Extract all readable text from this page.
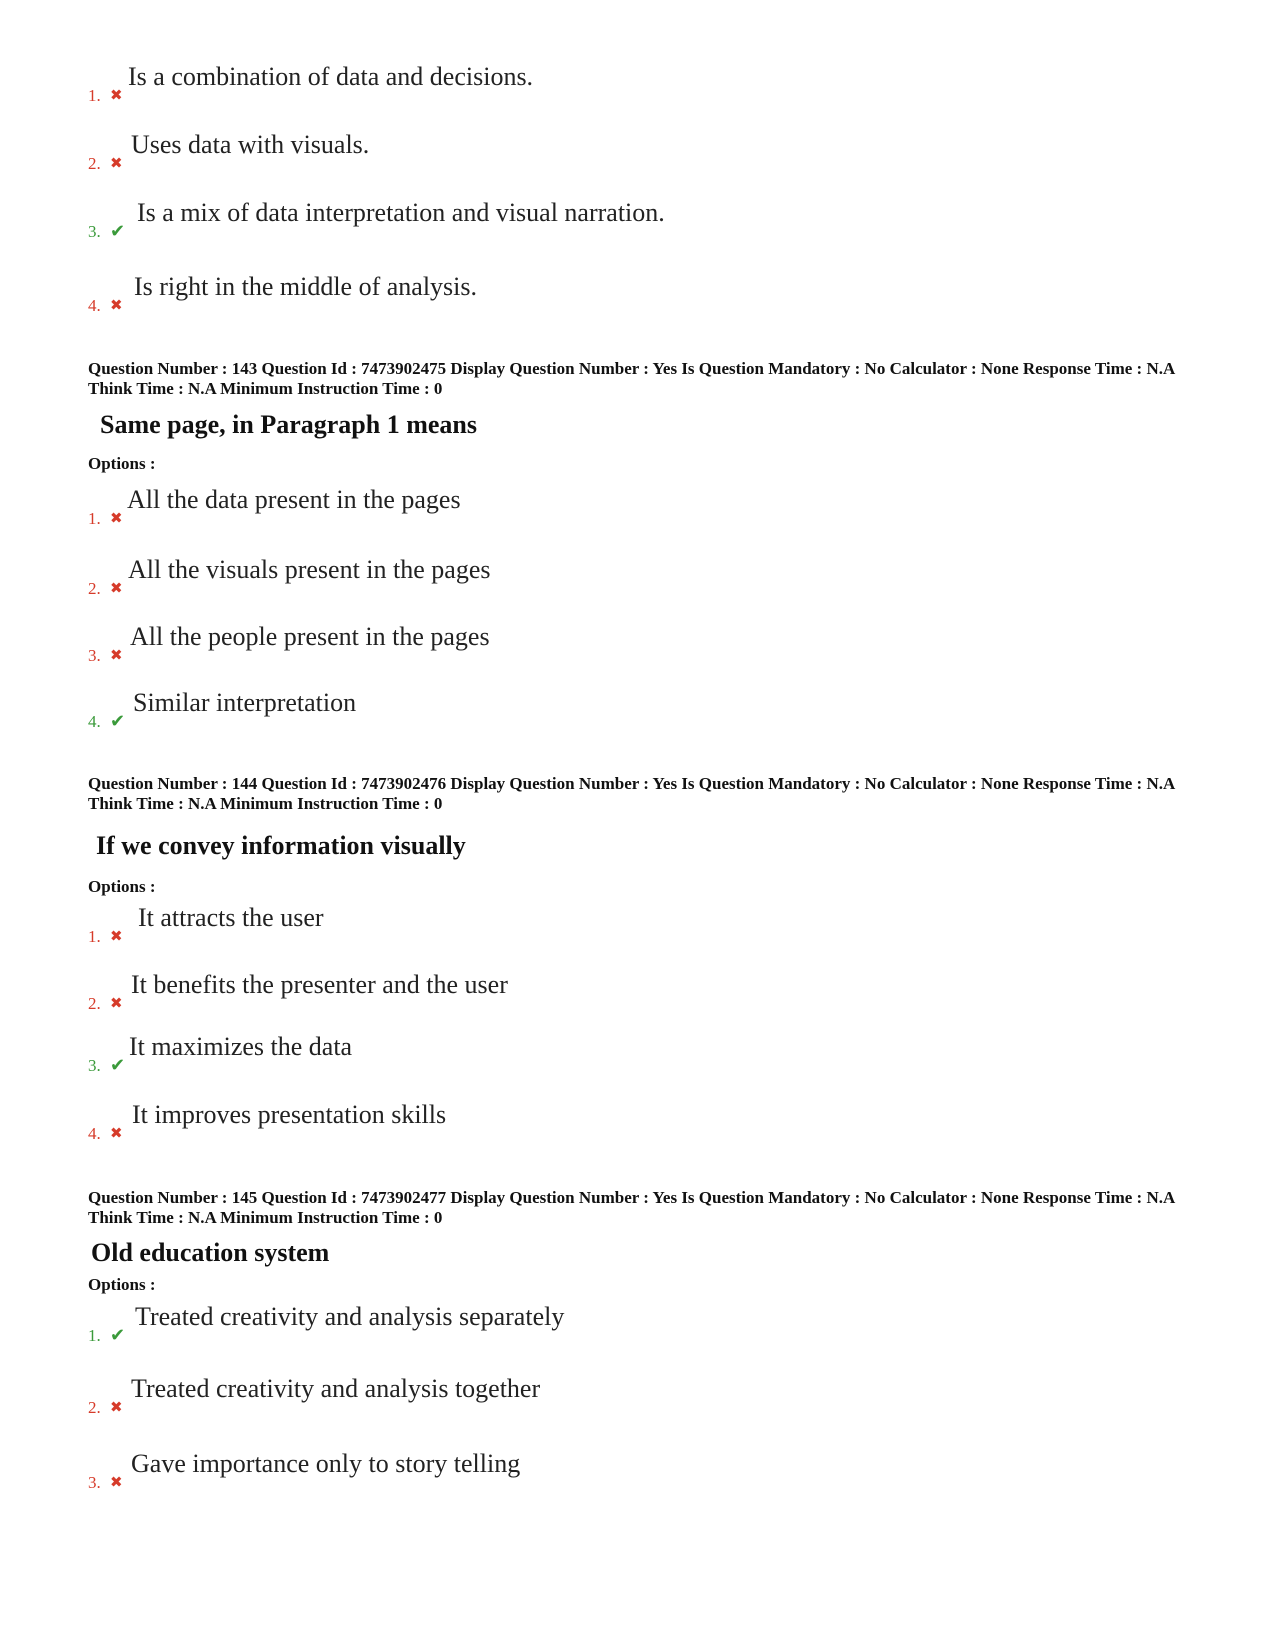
1. ✖
Is a combination of data and decisions.
2. ✖
Uses data with visuals.
3. ✔
Is a mix of data interpretation and visual narration.
4. ✖
Is right in the middle of analysis.
Question Number : 143 Question Id : 7473902475 Display Question Number : Yes Is Question Mandatory : No Calculator : None Response Time : N.A Think Time : N.A Minimum Instruction Time : 0
Same page, in Paragraph 1 means
Options :
1. ✖
All the data present in the pages
2. ✖
All the visuals present in the pages
3. ✖
All the people present in the pages
4. ✔
Similar interpretation
Question Number : 144 Question Id : 7473902476 Display Question Number : Yes Is Question Mandatory : No Calculator : None Response Time : N.A Think Time : N.A Minimum Instruction Time : 0
If we convey information visually
Options :
1. ✖
It attracts the user
2. ✖
It benefits the presenter and the user
3. ✔
It maximizes the data
4. ✖
It improves presentation skills
Question Number : 145 Question Id : 7473902477 Display Question Number : Yes Is Question Mandatory : No Calculator : None Response Time : N.A Think Time : N.A Minimum Instruction Time : 0
Old education system
Options :
1. ✔
Treated creativity and analysis separately
2. ✖
Treated creativity and analysis together
3. ✖
Gave importance only to story telling
